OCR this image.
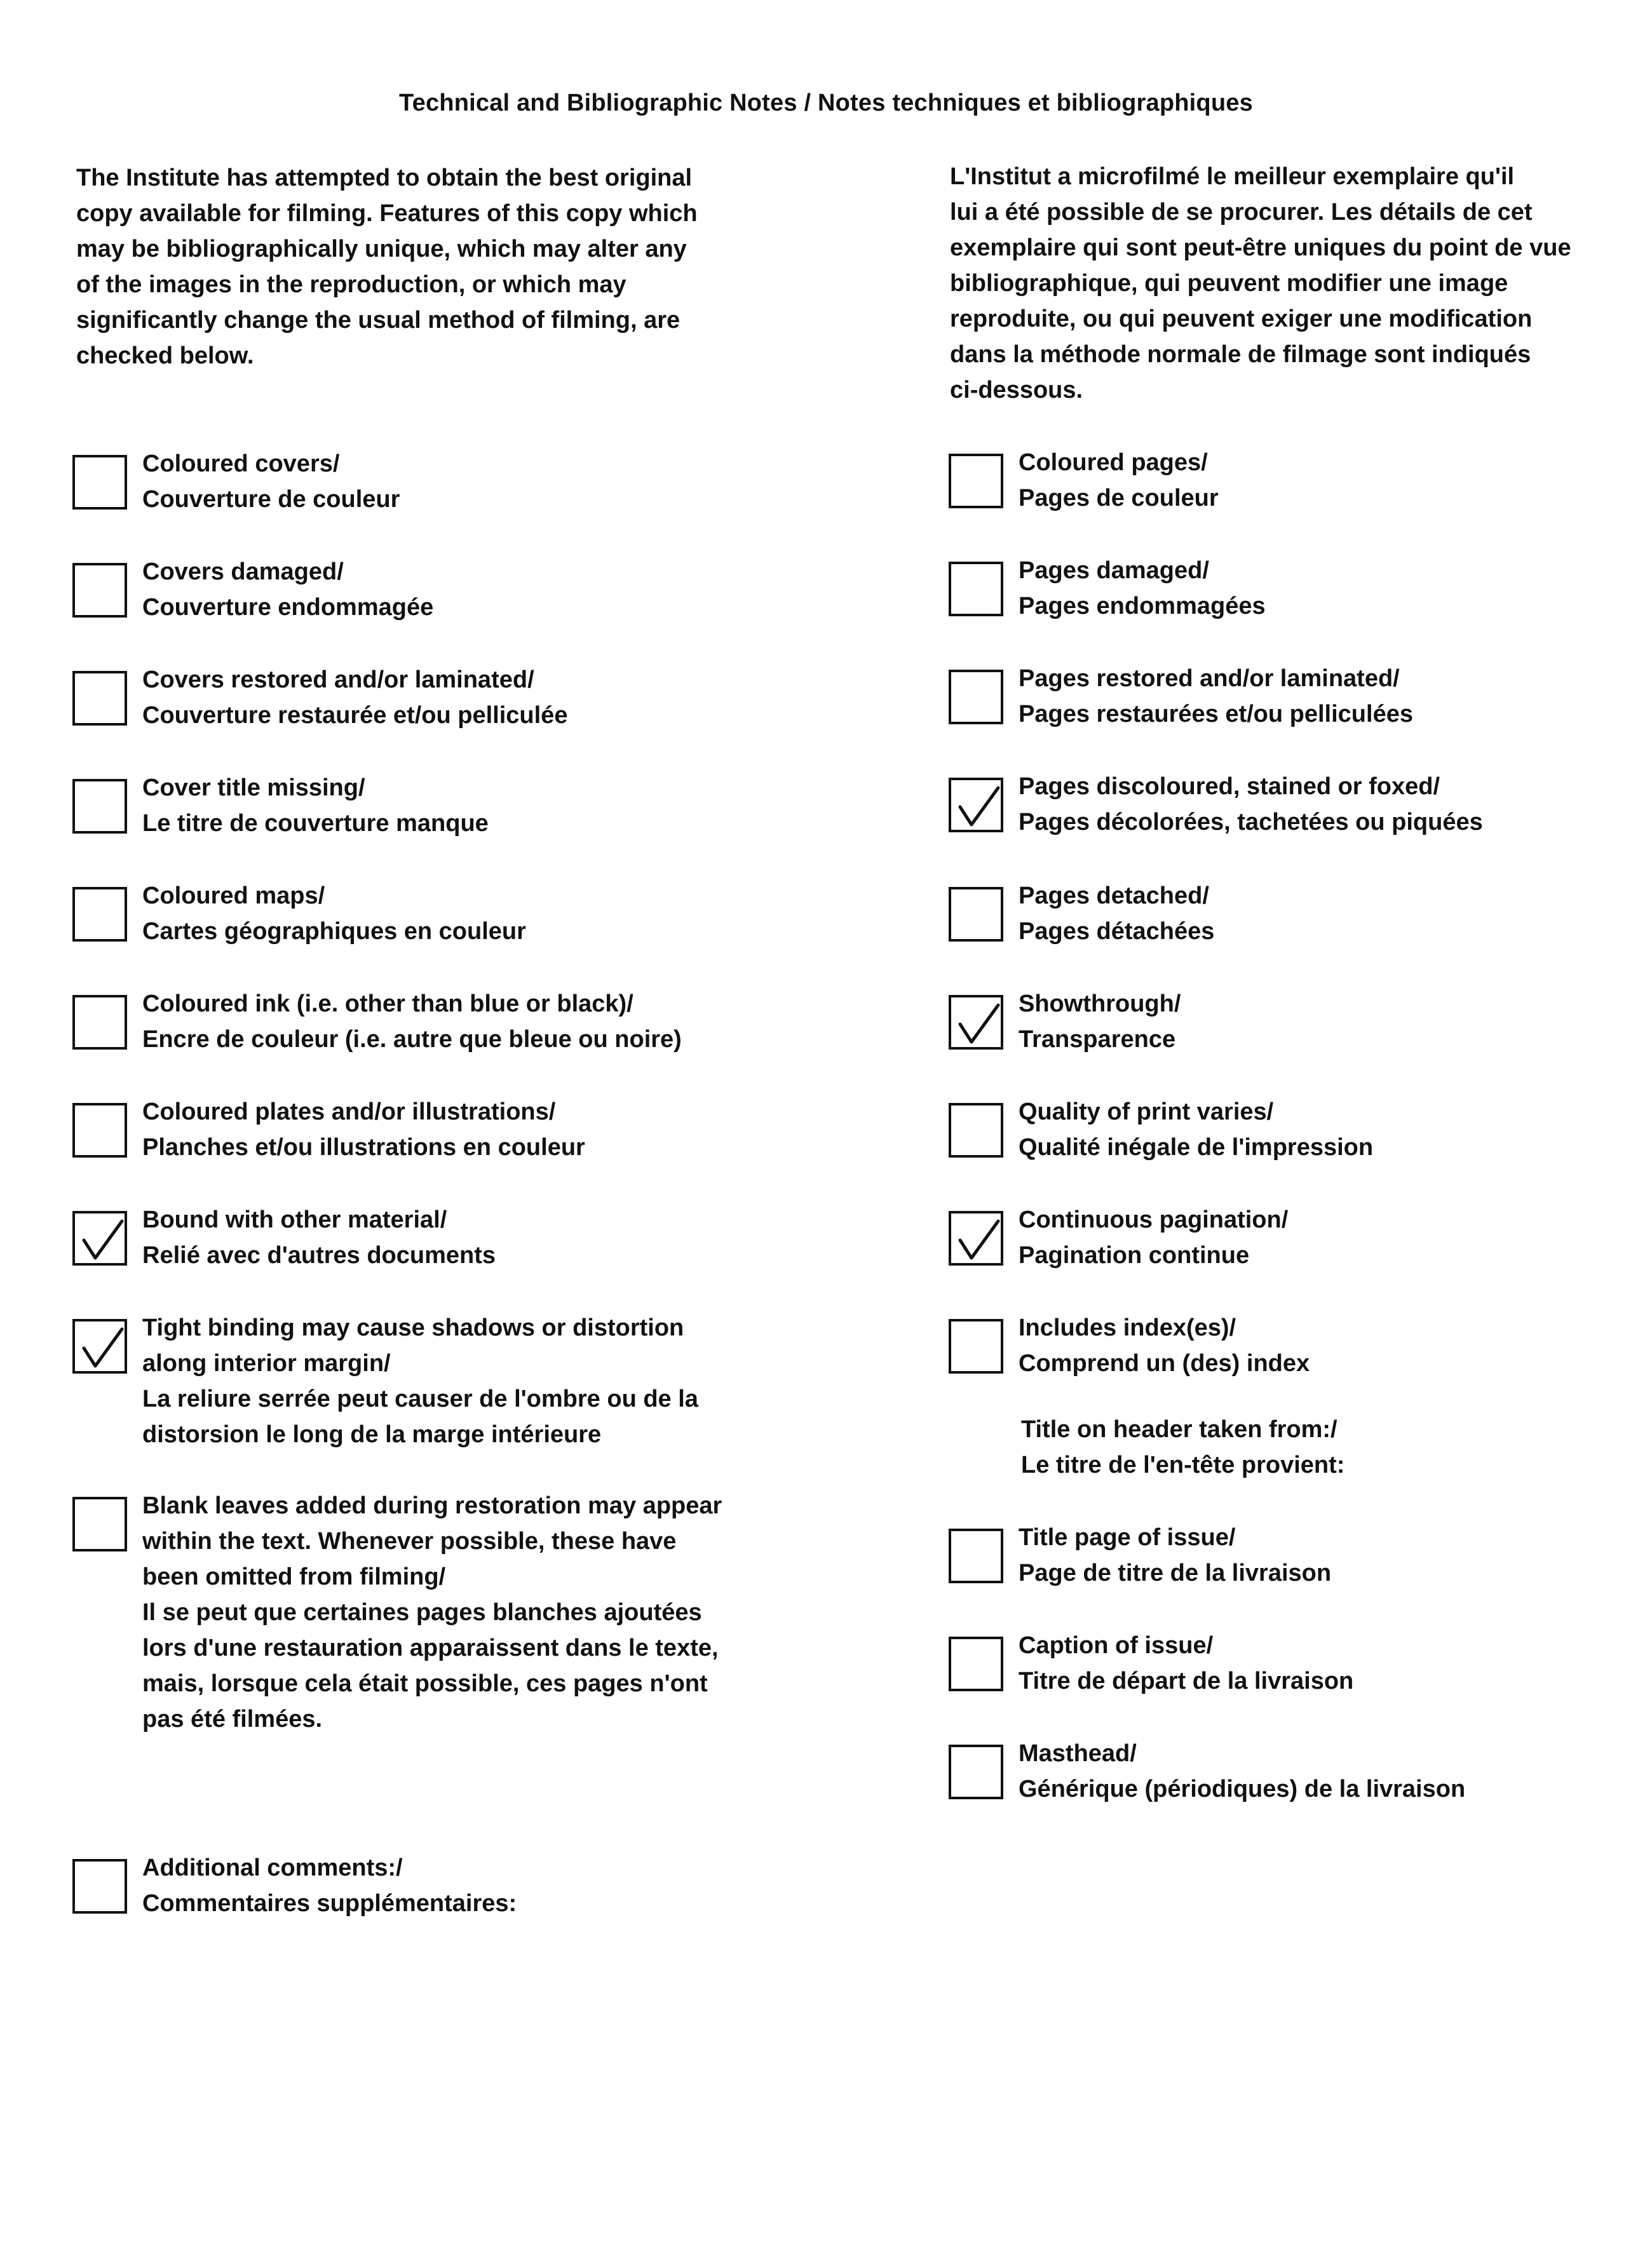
Technical and Bibliographic Notes / Notes techniques et bibliographiques
The Institute has attempted to obtain the best original
copy available for filming. Features of this copy which
may be bibliographically unique, which may alter any
of the images in the reproduction, or which may
significantly change the usual method of filming, are
checked below.
L'Institut a microfilmé le meilleur exemplaire qu'il
lui a été possible de se procurer. Les détails de cet
exemplaire qui sont peut-être uniques du point de vue
bibliographique, qui peuvent modifier une image
reproduite, ou qui peuvent exiger une modification
dans la méthode normale de filmage sont indiqués
ci-dessous.
Coloured covers/
Couverture de couleur
Covers damaged/
Couverture endommagée
Covers restored and/or laminated/
Couverture restaurée et/ou pelliculée
Cover title missing/
Le titre de couverture manque
Coloured maps/
Cartes géographiques en couleur
Coloured ink (i.e. other than blue or black)/
Encre de couleur (i.e. autre que bleue ou noire)
Coloured plates and/or illustrations/
Planches et/ou illustrations en couleur
Bound with other material/
Relié avec d'autres documents
Tight binding may cause shadows or distortion
along interior margin/
La reliure serrée peut causer de l'ombre ou de la
distorsion le long de la marge intérieure
Blank leaves added during restoration may appear
within the text. Whenever possible, these have
been omitted from filming/
Il se peut que certaines pages blanches ajoutées
lors d'une restauration apparaissent dans le texte,
mais, lorsque cela était possible, ces pages n'ont
pas été filmées.
Additional comments:/
Commentaires supplémentaires:
Coloured pages/
Pages de couleur
Pages damaged/
Pages endommagées
Pages restored and/or laminated/
Pages restaurées et/ou pelliculées
Pages discoloured, stained or foxed/
Pages décolorées, tachetées ou piquées
Pages detached/
Pages détachées
Showthrough/
Transparence
Quality of print varies/
Qualité inégale de l'impression
Continuous pagination/
Pagination continue
Includes index(es)/
Comprend un (des) index
Title page of issue/
Page de titre de la livraison
Caption of issue/
Titre de départ de la livraison
Masthead/
Générique (périodiques) de la livraison
Title on header taken from:/
Le titre de l'en-tête provient:
